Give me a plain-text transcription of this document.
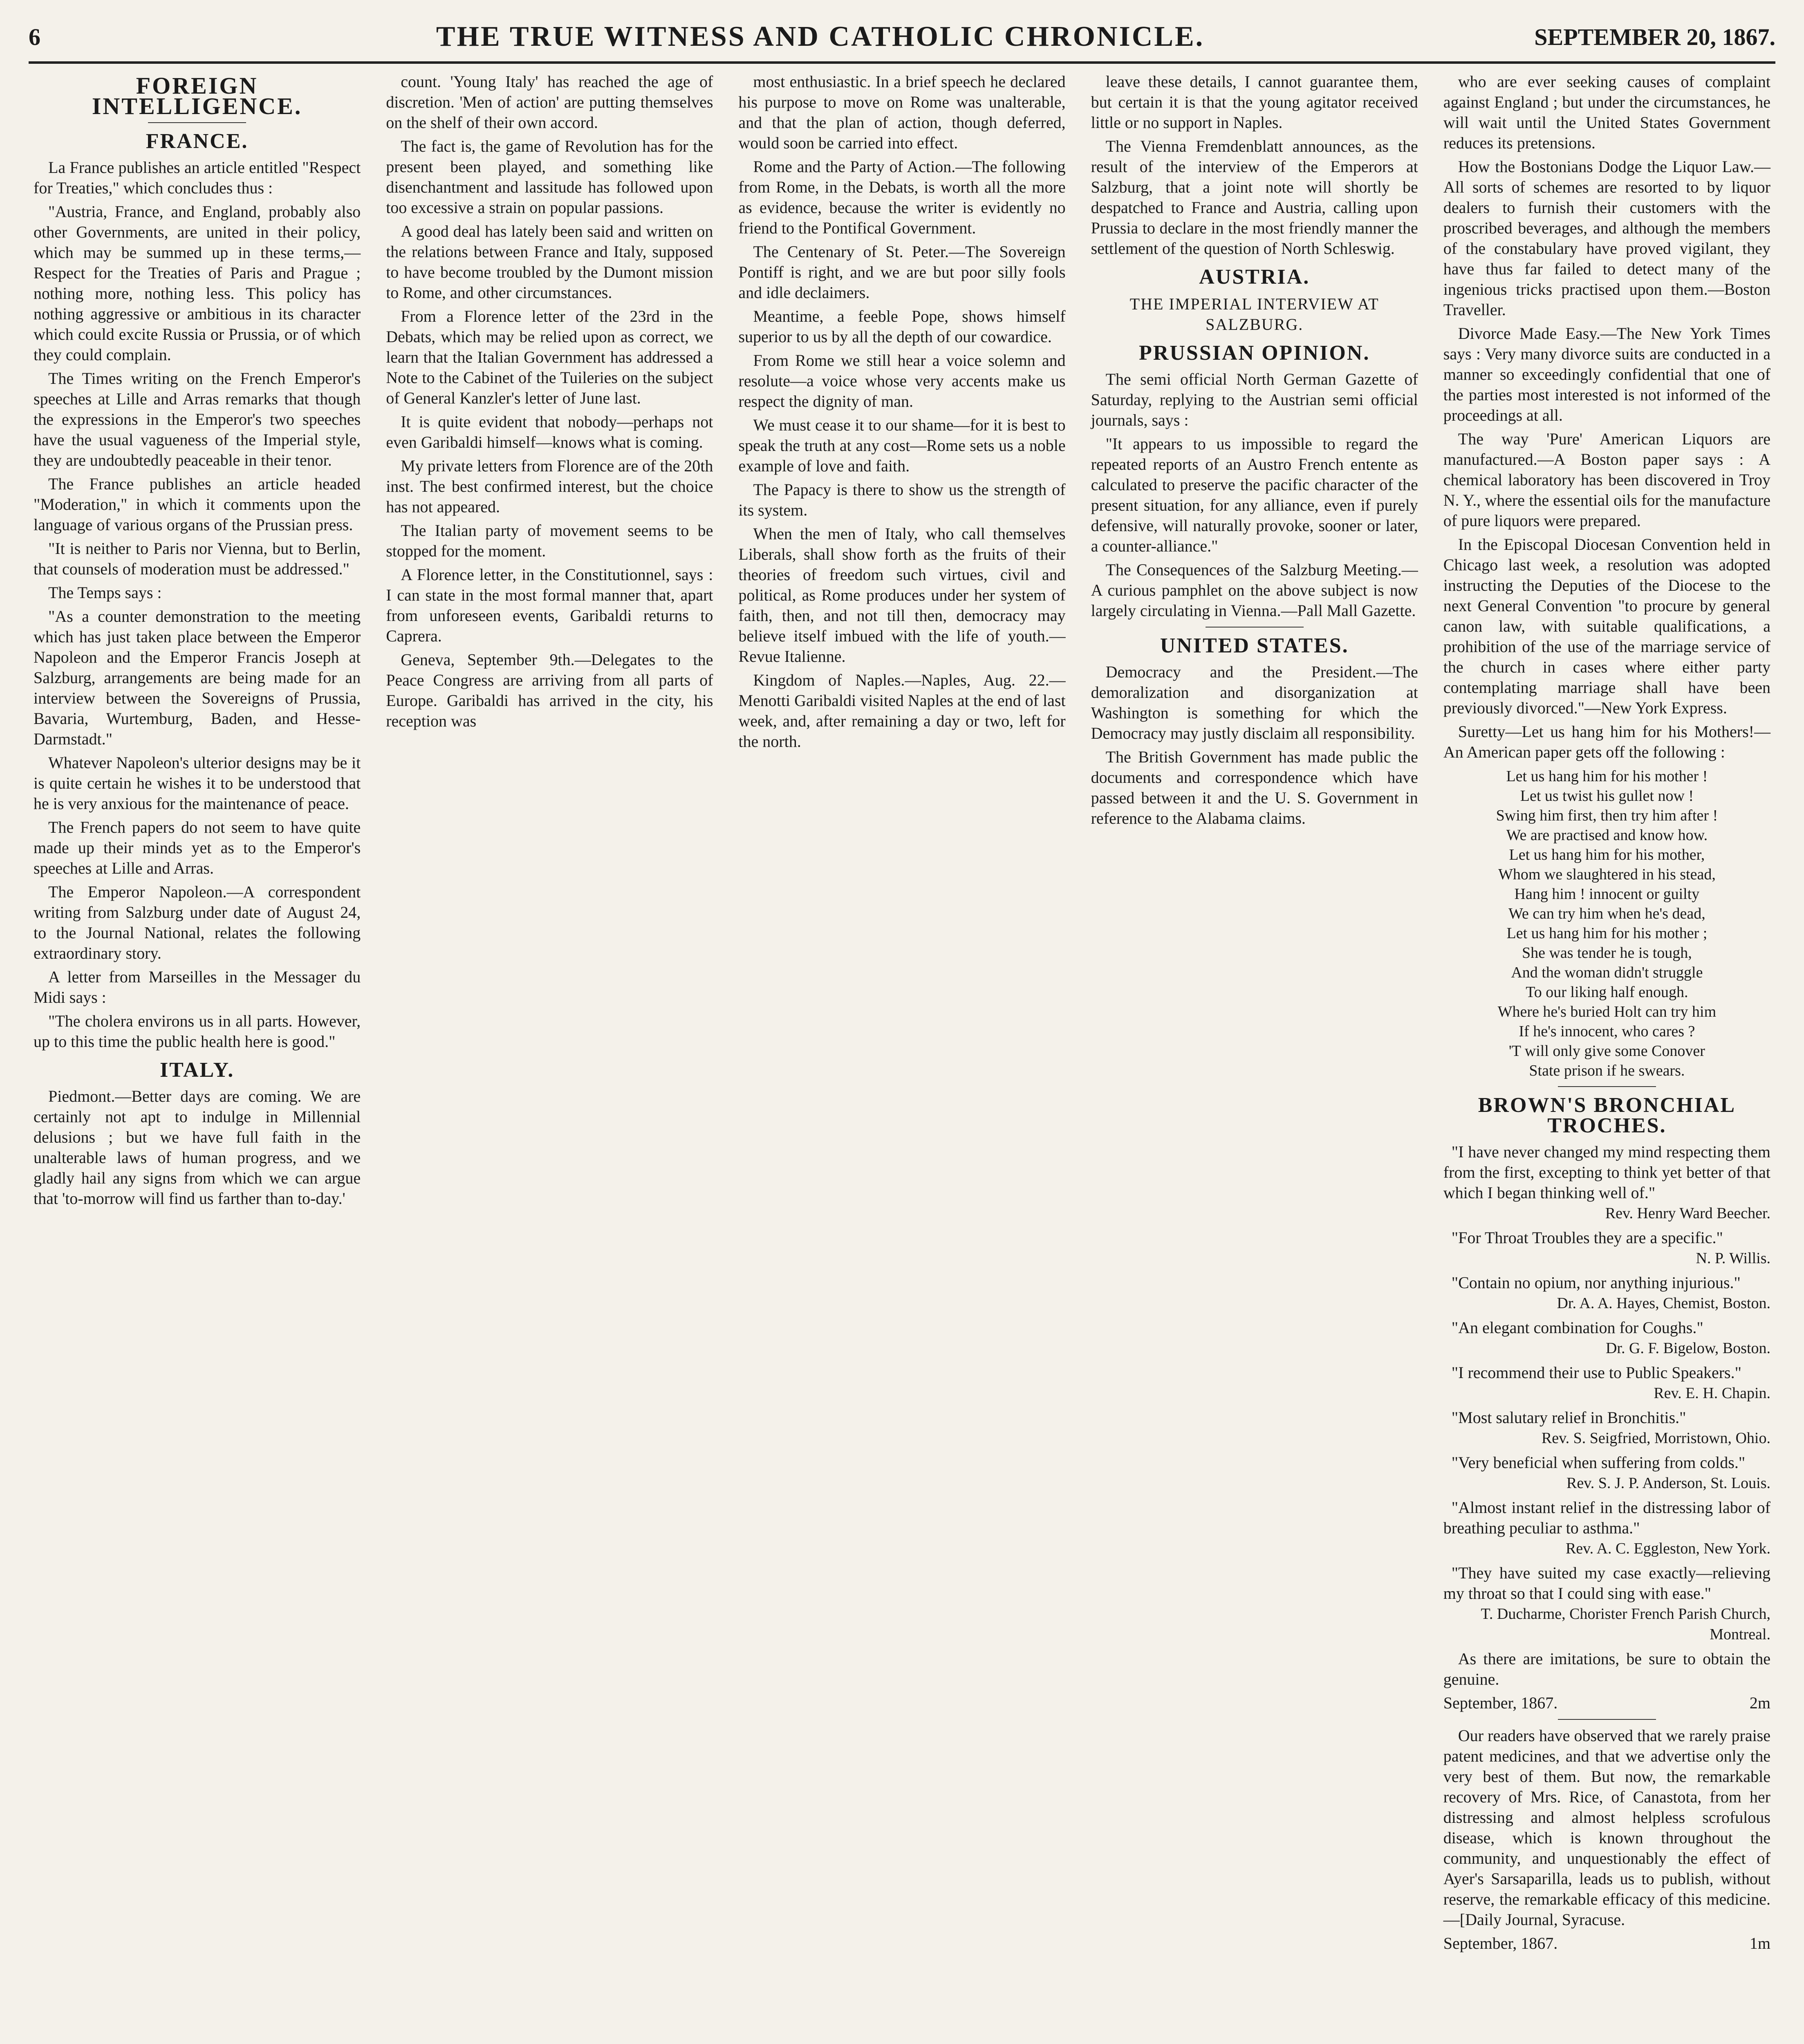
6	THE TRUE WITNESS AND CATHOLIC CHRONICLE.	SEPTEMBER 20, 1867.
FOREIGN INTELLIGENCE.
FRANCE.

La France publishes an article entitled "Respect for Treaties," which concludes thus :

"Austria, France, and England, probably also other Governments, are united in their policy, which may be summed up in these terms,—Respect for the Treaties of Paris and Prague ; nothing more, nothing less. This policy has nothing aggressive or ambitious in its character which could excite Russia or Prussia, or of which they could complain.

The Times writing on the French Emperor's speeches at Lille and Arras remarks that though the expressions in the Emperor's two speeches have the usual vagueness of the Imperial style, they are undoubtedly peaceable in their tenor.

The France publishes an article headed "Moderation," in which it comments upon the language of various organs of the Prussian press.

"It is neither to Paris nor Vienna, but to Berlin, that counsels of moderation must be addressed."

The Temps says :

"As a counter demonstration to the meeting which has just taken place between the Emperor Napoleon and the Emperor Francis Joseph at Salzburg, arrangements are being made for an interview between the Sovereigns of Prussia, Bavaria, Wurtemburg, Baden, and Hesse-Darmstadt."

Whatever Napoleon's ulterior designs may be it is quite certain he wishes it to be understood that he is very anxious for the maintenance of peace.

The French papers do not seem to have quite made up their minds yet as to the Emperor's speeches at Lille and Arras.

The Emperor Napoleon.—A correspondent writing from Salzburg under date of August 24, to the Journal National, relates the following extraordinary story.

A letter from Marseilles in the Messager du Midi says :

"The cholera environs us in all parts. However, up to this time the public health here is good."

ITALY.

Piedmont.—Better days are coming. We are certainly not apt to indulge in Millennial delusions ; but we have full faith in the unalterable laws of human progress, and we gladly hail any signs from which we can argue that 'to-morrow will find us farther than to-day.'

count. 'Young Italy' has reached the age of discretion. 'Men of action' are putting themselves on the shelf of their own accord.

The fact is, the game of Revolution has for the present been played, and something like disenchantment and lassitude has followed upon too excessive a strain on popular passions.

A good deal has lately been said and written on the relations between France and Italy, supposed to have become troubled by the Dumont mission to Rome, and other circumstances.

From a Florence letter of the 23rd in the Debats, which may be relied upon as correct, we learn that the Italian Government has addressed a Note to the Cabinet of the Tuileries on the subject of General Kanzler's letter of June last.

It is quite evident that nobody—perhaps not even Garibaldi himself—knows what is coming.

My private letters from Florence are of the 20th inst. The best confirmed interest, but the choice has not appeared.

The Italian party of movement seems to be stopped for the moment.

A Florence letter, in the Constitutionnel, says : I can state in the most formal manner that, apart from unforeseen events, Garibaldi returns to Caprera.

Geneva, September 9th.—Delegates to the Peace Congress are arriving from all parts of Europe. Garibaldi has arrived in the city, his reception was

most enthusiastic. In a brief speech he declared his purpose to move on Rome was unalterable, and that the plan of action, though deferred, would soon be carried into effect.

Rome and the Party of Action.—The following from Rome, in the Debats, is worth all the more as evidence, because the writer is evidently no friend to the Pontifical Government.

The Centenary of St. Peter.—The Sovereign Pontiff is right, and we are but poor silly fools and idle declaimers.

Meantime, a feeble Pope, shows himself superior to us by all the depth of our cowardice.

From Rome we still hear a voice solemn and resolute—a voice whose very accents make us respect the dignity of man.

We must cease it to our shame—for it is best to speak the truth at any cost—Rome sets us a noble example of love and faith.

The Papacy is there to show us the strength of its system.

When the men of Italy, who call themselves Liberals, shall show forth as the fruits of their theories of freedom such virtues, civil and political, as Rome produces under her system of faith, then, and not till then, democracy may believe itself imbued with the life of youth.—Revue Italienne.

Kingdom of Naples.—Naples, Aug. 22.—Menotti Garibaldi visited Naples at the end of last week, and, after remaining a day or two, left for the north.

leave these details, I cannot guarantee them, but certain it is that the young agitator received little or no support in Naples.

The Vienna Fremdenblatt announces, as the result of the interview of the Emperors at Salzburg, that a joint note will shortly be despatched to France and Austria, calling upon Prussia to declare in the most friendly manner the settlement of the question of North Schleswig.

AUSTRIA.
THE IMPERIAL INTERVIEW AT SALZBURG.
PRUSSIAN OPINION.

The semi official North German Gazette of Saturday, replying to the Austrian semi official journals, says :

"It appears to us impossible to regard the repeated reports of an Austro French entente as calculated to preserve the pacific character of the present situation, for any alliance, even if purely defensive, will naturally provoke, sooner or later, a counter-alliance."

The Consequences of the Salzburg Meeting.—A curious pamphlet on the above subject is now largely circulating in Vienna.—Pall Mall Gazette.

UNITED STATES.

Democracy and the President.—The demoralization and disorganization at Washington is something for which the Democracy may justly disclaim all responsibility.

The British Government has made public the documents and correspondence which have passed between it and the U. S. Government in reference to the Alabama claims.

who are ever seeking causes of complaint against England ; but under the circumstances, he will wait until the United States Government reduces its pretensions.

How the Bostonians Dodge the Liquor Law.—All sorts of schemes are resorted to by liquor dealers to furnish their customers with the proscribed beverages, and although the members of the constabulary have proved vigilant, they have thus far failed to detect many of the ingenious tricks practised upon them.—Boston Traveller.

Divorce Made Easy.—The New York Times says : Very many divorce suits are conducted in a manner so exceedingly confidential that one of the parties most interested is not informed of the proceedings at all.

The way 'Pure' American Liquors are manufactured.—A Boston paper says : A chemical laboratory has been discovered in Troy N. Y., where the essential oils for the manufacture of pure liquors were prepared.

In the Episcopal Diocesan Convention held in Chicago last week, a resolution was adopted instructing the Deputies of the Diocese to the next General Convention "to procure by general canon law, with suitable qualifications, a prohibition of the use of the marriage service of the church in cases where either party contemplating marriage shall have been previously divorced."—New York Express.

Suretty—Let us hang him for his Mothers!—An American paper gets off the following :

Let us hang him for his mother !
Let us twist his gullet now !
Swing him first, then try him after !
We are practised and know how.
Let us hang him for his mother,
Whom we slaughtered in his stead,
Hang him ! innocent or guilty
We can try him when he's dead,
Let us hang him for his mother ;
She was tender he is tough,
And the woman didn't struggle
To our liking half enough.
Where he's buried Holt can try him
If he's innocent, who cares ?
'T will only give some Conover
State prison if he swears.
BROWN'S BRONCHIAL TROCHES.
"I have never changed my mind respecting them from the first, excepting to think yet better of that which I began thinking well of."
Rev. Henry Ward Beecher.
"For Throat Troubles they are a specific."
N. P. Willis.
"Contain no opium, nor anything injurious."
Dr. A. A. Hayes, Chemist, Boston.
"An elegant combination for Coughs."
Dr. G. F. Bigelow, Boston.
"I recommend their use to Public Speakers."
Rev. E. H. Chapin.
"Most salutary relief in Bronchitis."
Rev. S. Seigfried, Morristown, Ohio.
"Very beneficial when suffering from colds."
Rev. S. J. P. Anderson, St. Louis.
"Almost instant relief in the distressing labor of breathing peculiar to asthma."
Rev. A. C. Eggleston, New York.
"They have suited my case exactly—relieving my throat so that I could sing with ease."
T. Ducharme, Chorister French Parish Church, Montreal.

As there are imitations, be sure to obtain the genuine.

September, 1867.	2m

Our readers have observed that we rarely praise patent medicines, and that we advertise only the very best of them. But now, the remarkable recovery of Mrs. Rice, of Canastota, from her distressing and almost helpless scrofulous disease, which is known throughout the community, and unquestionably the effect of Ayer's Sarsaparilla, leads us to publish, without reserve, the remarkable efficacy of this medicine.—[Daily Journal, Syracuse.

September, 1867.	1m
